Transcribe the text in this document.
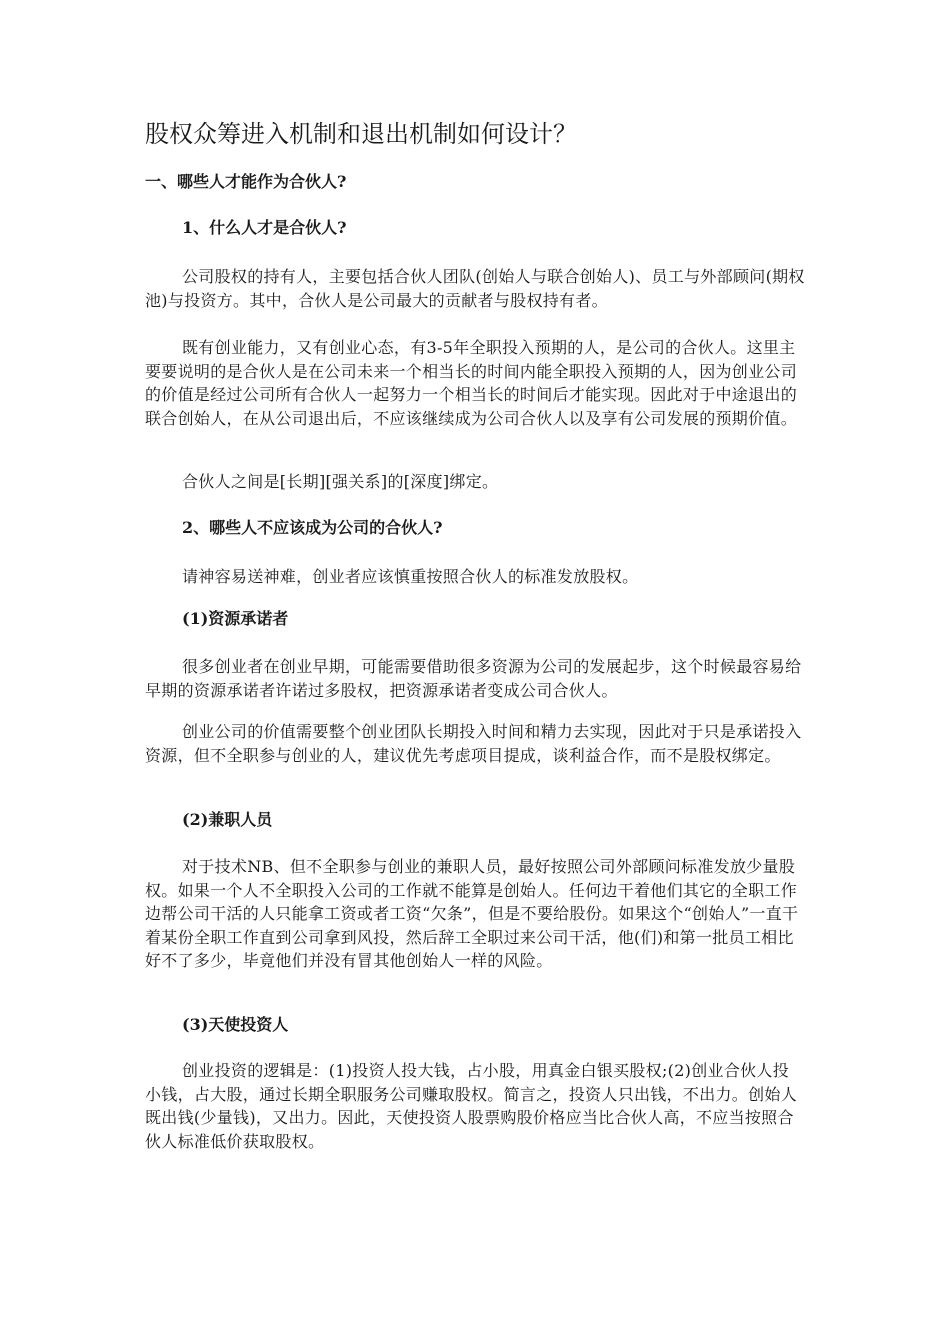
股权众筹进入机制和退出机制如何设计？
一、哪些人才能作为合伙人?
1、什么人才是合伙人?

公司股权的持有人，主要包括合伙人团队(创始人与联合创始人)、员工与外部顾问(期权池)与投资方。其中，合伙人是公司最大的贡献者与股权持有者。

既有创业能力，又有创业心态，有3-5年全职投入预期的人，是公司的合伙人。这里主要要说明的是合伙人是在公司未来一个相当长的时间内能全职投入预期的人，因为创业公司的价值是经过公司所有合伙人一起努力一个相当长的时间后才能实现。因此对于中途退出的联合创始人，在从公司退出后，不应该继续成为公司合伙人以及享有公司发展的预期价值。

合伙人之间是[长期][强关系]的[深度]绑定。

2、哪些人不应该成为公司的合伙人?

请神容易送神难，创业者应该慎重按照合伙人的标准发放股权。

(1)资源承诺者

很多创业者在创业早期，可能需要借助很多资源为公司的发展起步，这个时候最容易给早期的资源承诺者许诺过多股权，把资源承诺者变成公司合伙人。

创业公司的价值需要整个创业团队长期投入时间和精力去实现，因此对于只是承诺投入资源，但不全职参与创业的人，建议优先考虑项目提成，谈利益合作，而不是股权绑定。

(2)兼职人员

对于技术NB、但不全职参与创业的兼职人员，最好按照公司外部顾问标准发放少量股权。如果一个人不全职投入公司的工作就不能算是创始人。任何边干着他们其它的全职工作边帮公司干活的人只能拿工资或者工资“欠条”，但是不要给股份。如果这个“创始人”一直干着某份全职工作直到公司拿到风投，然后辞工全职过来公司干活，他(们)和第一批员工相比好不了多少，毕竟他们并没有冒其他创始人一样的风险。

(3)天使投资人

创业投资的逻辑是：(1)投资人投大钱，占小股，用真金白银买股权;(2)创业合伙人投小钱，占大股，通过长期全职服务公司赚取股权。简言之，投资人只出钱，不出力。创始人既出钱(少量钱)，又出力。因此，天使投资人股票购股价格应当比合伙人高，不应当按照合伙人标准低价获取股权。
